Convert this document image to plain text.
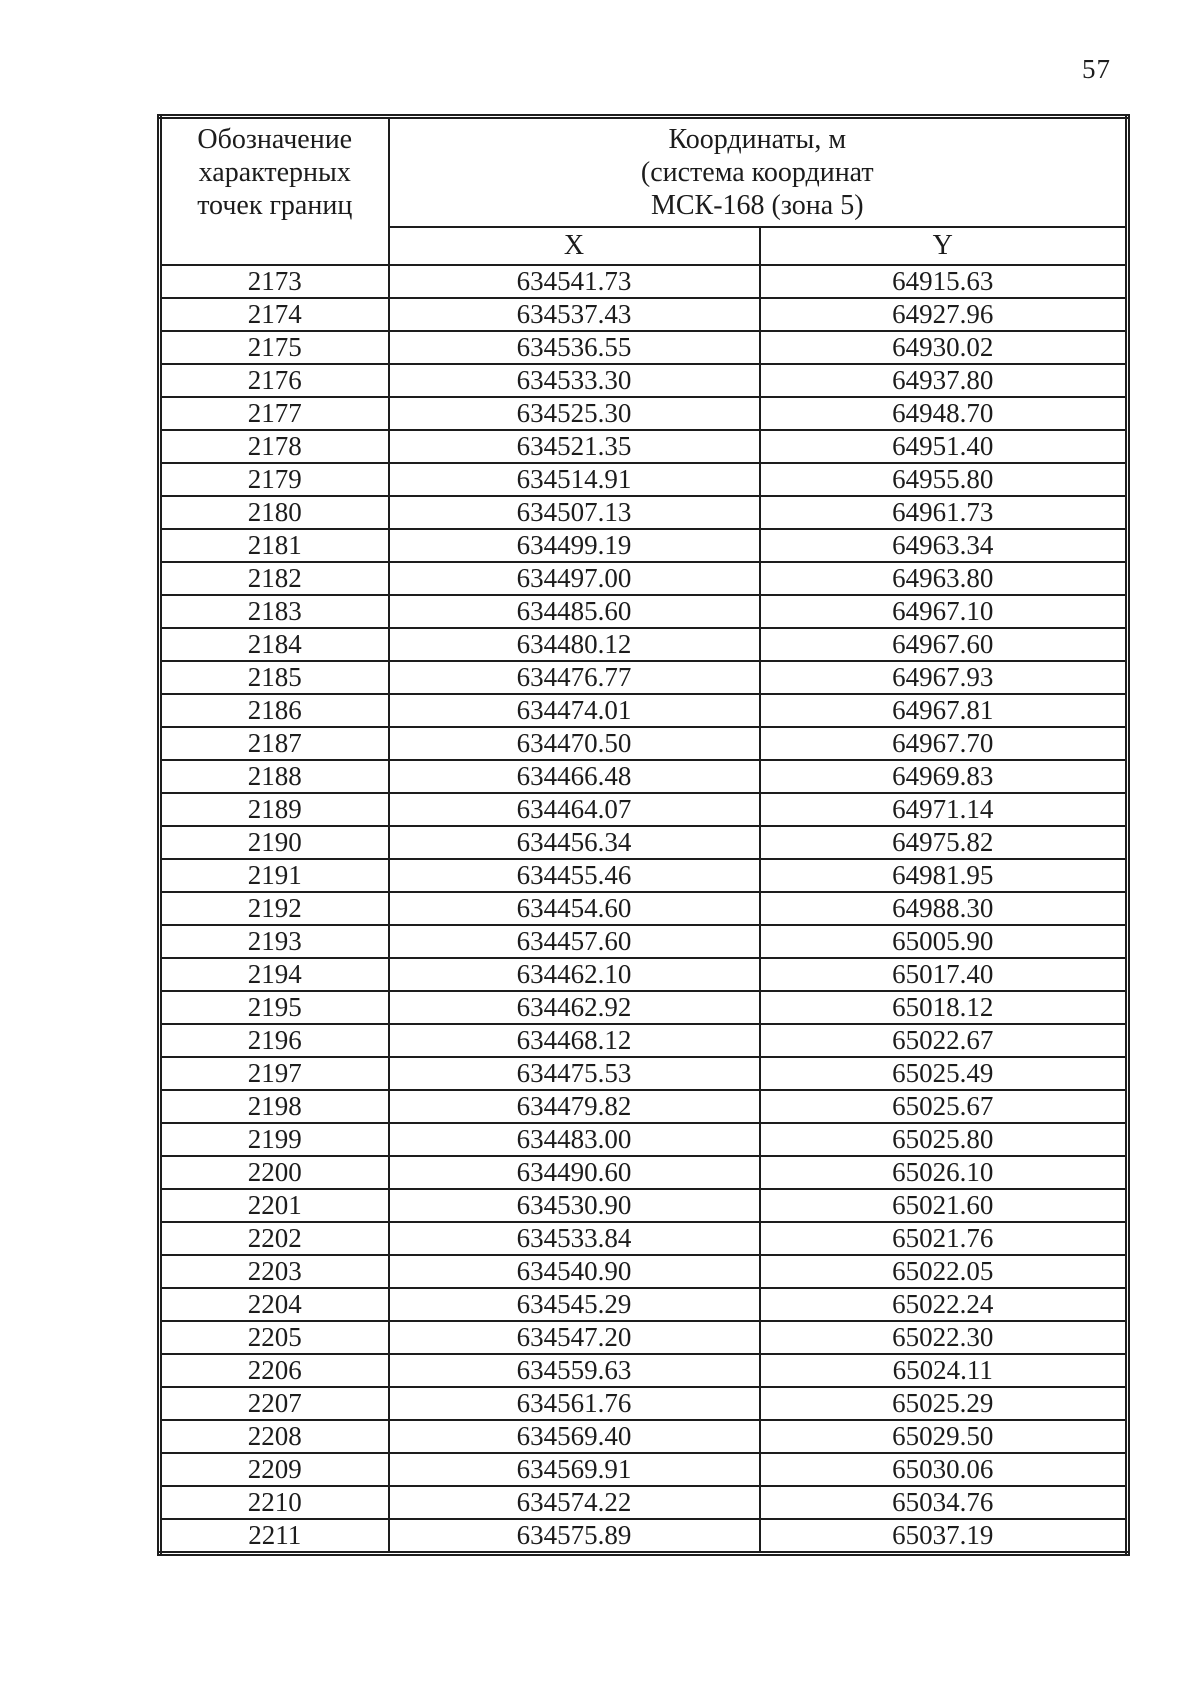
57
Обозначение
характерных
точек границ

Координаты, м
(система координат
МСК-168 (зона 5)

	X	Y
2173	634541.73	64915.63
2174	634537.43	64927.96
2175	634536.55	64930.02
2176	634533.30	64937.80
2177	634525.30	64948.70
2178	634521.35	64951.40
2179	634514.91	64955.80
2180	634507.13	64961.73
2181	634499.19	64963.34
2182	634497.00	64963.80
2183	634485.60	64967.10
2184	634480.12	64967.60
2185	634476.77	64967.93
2186	634474.01	64967.81
2187	634470.50	64967.70
2188	634466.48	64969.83
2189	634464.07	64971.14
2190	634456.34	64975.82
2191	634455.46	64981.95
2192	634454.60	64988.30
2193	634457.60	65005.90
2194	634462.10	65017.40
2195	634462.92	65018.12
2196	634468.12	65022.67
2197	634475.53	65025.49
2198	634479.82	65025.67
2199	634483.00	65025.80
2200	634490.60	65026.10
2201	634530.90	65021.60
2202	634533.84	65021.76
2203	634540.90	65022.05
2204	634545.29	65022.24
2205	634547.20	65022.30
2206	634559.63	65024.11
2207	634561.76	65025.29
2208	634569.40	65029.50
2209	634569.91	65030.06
2210	634574.22	65034.76
2211	634575.89	65037.19
